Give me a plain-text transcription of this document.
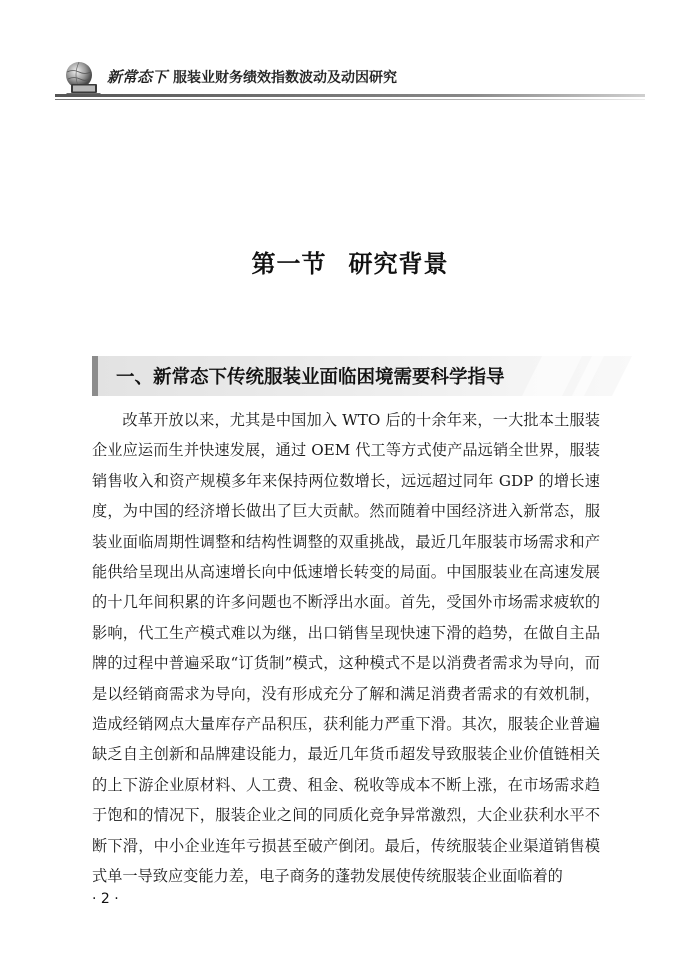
新常态下 服装业财务绩效指数波动及动因研究
第一节 研究背景
一、新常态下传统服装业面临困境需要科学指导

改革开放以来，尤其是中国加入 WTO 后的十余年来，一大批本土服装企业应运而生并快速发展，通过 OEM 代工等方式使产品远销全世界，服装销售收入和资产规模多年来保持两位数增长，远远超过同年 GDP 的增长速度，为中国的经济增长做出了巨大贡献。然而随着中国经济进入新常态，服装业面临周期性调整和结构性调整的双重挑战，最近几年服装市场需求和产能供给呈现出从高速增长向中低速增长转变的局面。中国服装业在高速发展的十几年间积累的许多问题也不断浮出水面。首先，受国外市场需求疲软的影响，代工生产模式难以为继，出口销售呈现快速下滑的趋势，在做自主品牌的过程中普遍采取“订货制”模式，这种模式不是以消费者需求为导向，而是以经销商需求为导向，没有形成充分了解和满足消费者需求的有效机制，造成经销网点大量库存产品积压，获利能力严重下滑。其次，服装企业普遍缺乏自主创新和品牌建设能力，最近几年货币超发导致服装企业价值链相关的上下游企业原材料、人工费、租金、税收等成本不断上涨，在市场需求趋于饱和的情况下，服装企业之间的同质化竞争异常激烈，大企业获利水平不断下滑，中小企业连年亏损甚至破产倒闭。最后，传统服装企业渠道销售模式单一导致应变能力差，电子商务的蓬勃发展使传统服装企业面临着的

· 2 ·
